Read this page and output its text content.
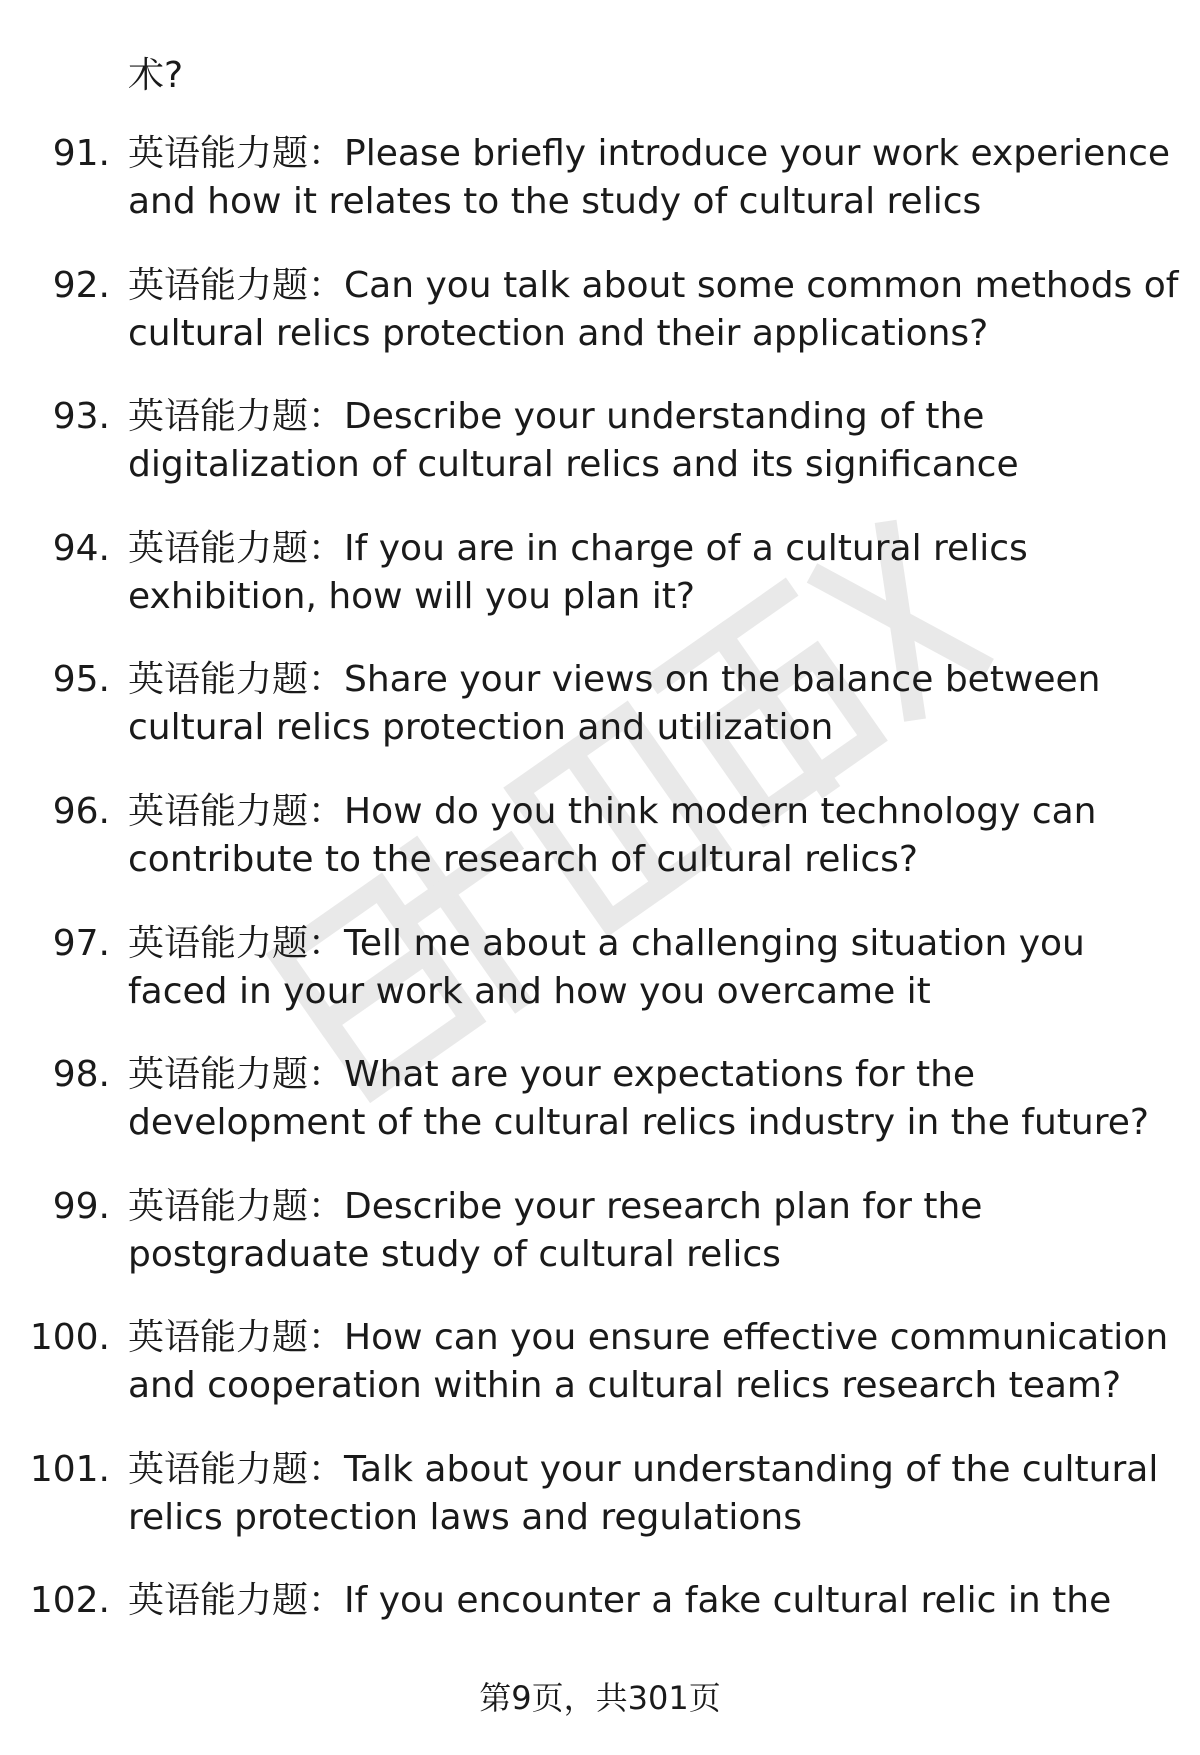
术?
91. 英语能力题：Please briefly introduce your work experience
and how it relates to the study of cultural relics
92. 英语能力题：Can you talk about some common methods of
cultural relics protection and their applications?
93. 英语能力题：Describe your understanding of the
digitalization of cultural relics and its significance
94. 英语能力题：If you are in charge of a cultural relics
exhibition, how will you plan it?
95. 英语能力题：Share your views on the balance between
cultural relics protection and utilization
96. 英语能力题：How do you think modern technology can
contribute to the research of cultural relics?
97. 英语能力题：Tell me about a challenging situation you
faced in your work and how you overcame it
98. 英语能力题：What are your expectations for the
development of the cultural relics industry in the future?
99. 英语能力题：Describe your research plan for the
postgraduate study of cultural relics
100. 英语能力题：How can you ensure effective communication
and cooperation within a cultural relics research team?
101. 英语能力题：Talk about your understanding of the cultural
relics protection laws and regulations
102. 英语能力题：If you encounter a fake cultural relic in the
第9页，共301页
